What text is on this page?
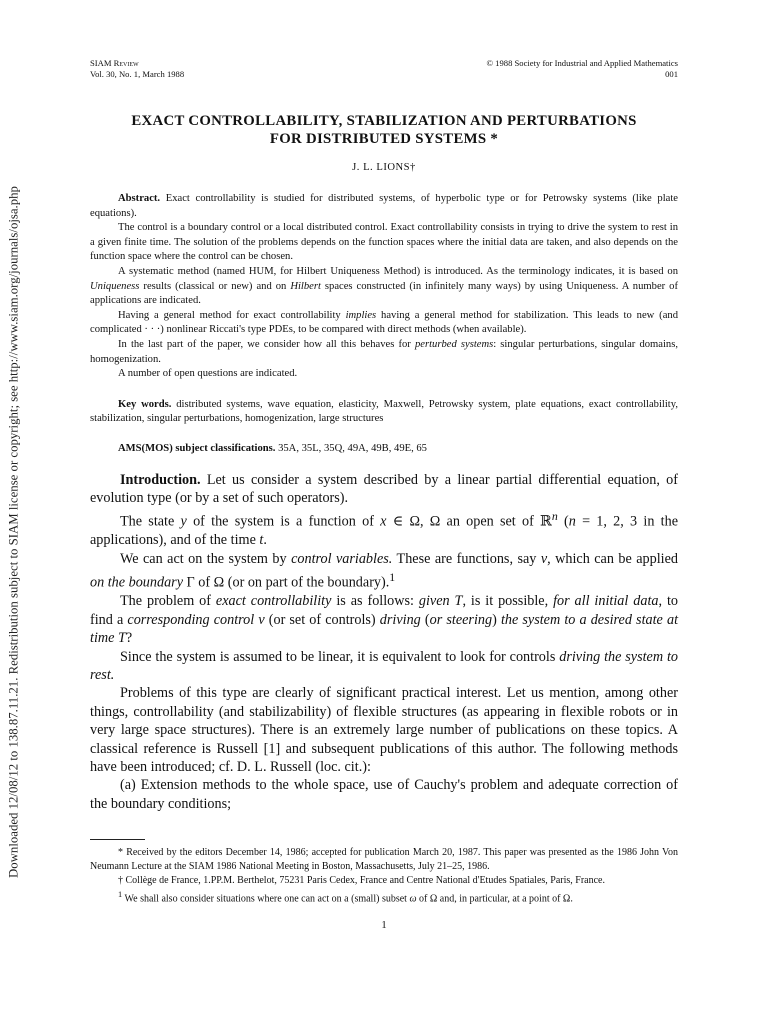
Downloaded 12/08/12 to 138.87.11.21. Redistribution subject to SIAM license or copyright; see http://www.siam.org/journals/ojsa.php
SIAM Review
Vol. 30, No. 1, March 1988
© 1988 Society for Industrial and Applied Mathematics
001
EXACT CONTROLLABILITY, STABILIZATION AND PERTURBATIONS
FOR DISTRIBUTED SYSTEMS *
J. L. LIONS†

Abstract. Exact controllability is studied for distributed systems, of hyperbolic type or for Petrowsky systems (like plate equations).

The control is a boundary control or a local distributed control. Exact controllability consists in trying to drive the system to rest in a given finite time. The solution of the problems depends on the function spaces where the initial data are taken, and also depends on the function space where the control can be chosen.

A systematic method (named HUM, for Hilbert Uniqueness Method) is introduced. As the terminology indicates, it is based on Uniqueness results (classical or new) and on Hilbert spaces constructed (in infinitely many ways) by using Uniqueness. A number of applications are indicated.

Having a general method for exact controllability implies having a general method for stabilization. This leads to new (and complicated · · ·) nonlinear Riccati's type PDEs, to be compared with direct methods (when available).

In the last part of the paper, we consider how all this behaves for perturbed systems: singular perturbations, singular domains, homogenization.

A number of open questions are indicated.

Key words. distributed systems, wave equation, elasticity, Maxwell, Petrowsky system, plate equations, exact controllability, stabilization, singular perturbations, homogenization, large structures
AMS(MOS) subject classifications. 35A, 35L, 35Q, 49A, 49B, 49E, 65

Introduction. Let us consider a system described by a linear partial differential equation, of evolution type (or by a set of such operators).

The state y of the system is a function of x ∈ Ω, Ω an open set of ℝ$^n$ (n = 1, 2, 3 in the applications), and of the time t.

We can act on the system by control variables. These are functions, say v, which can be applied on the boundary Γ of Ω (or on part of the boundary).$^1$

The problem of exact controllability is as follows: given T, is it possible, for all initial data, to find a corresponding control v (or set of controls) driving (or steering) the system to a desired state at time T?

Since the system is assumed to be linear, it is equivalent to look for controls driving the system to rest.

Problems of this type are clearly of significant practical interest. Let us mention, among other things, controllability (and stabilizability) of flexible structures (as appearing in flexible robots or in very large space structures). There is an extremely large number of publications on these topics. A classical reference is Russell [1] and subsequent publications of this author. The following methods have been introduced; cf. D. L. Russell (loc. cit.):

(a) Extension methods to the whole space, use of Cauchy's problem and adequate correction of the boundary conditions;

* Received by the editors December 14, 1986; accepted for publication March 20, 1987. This paper was presented as the 1986 John Von Neumann Lecture at the SIAM 1986 National Meeting in Boston, Massachusetts, July 21–25, 1986.

† Collège de France, 1.PP.M. Berthelot, 75231 Paris Cedex, France and Centre National d'Etudes Spatiales, Paris, France.

$^1$ We shall also consider situations where one can act on a (small) subset ω of Ω and, in particular, at a point of Ω.

1
